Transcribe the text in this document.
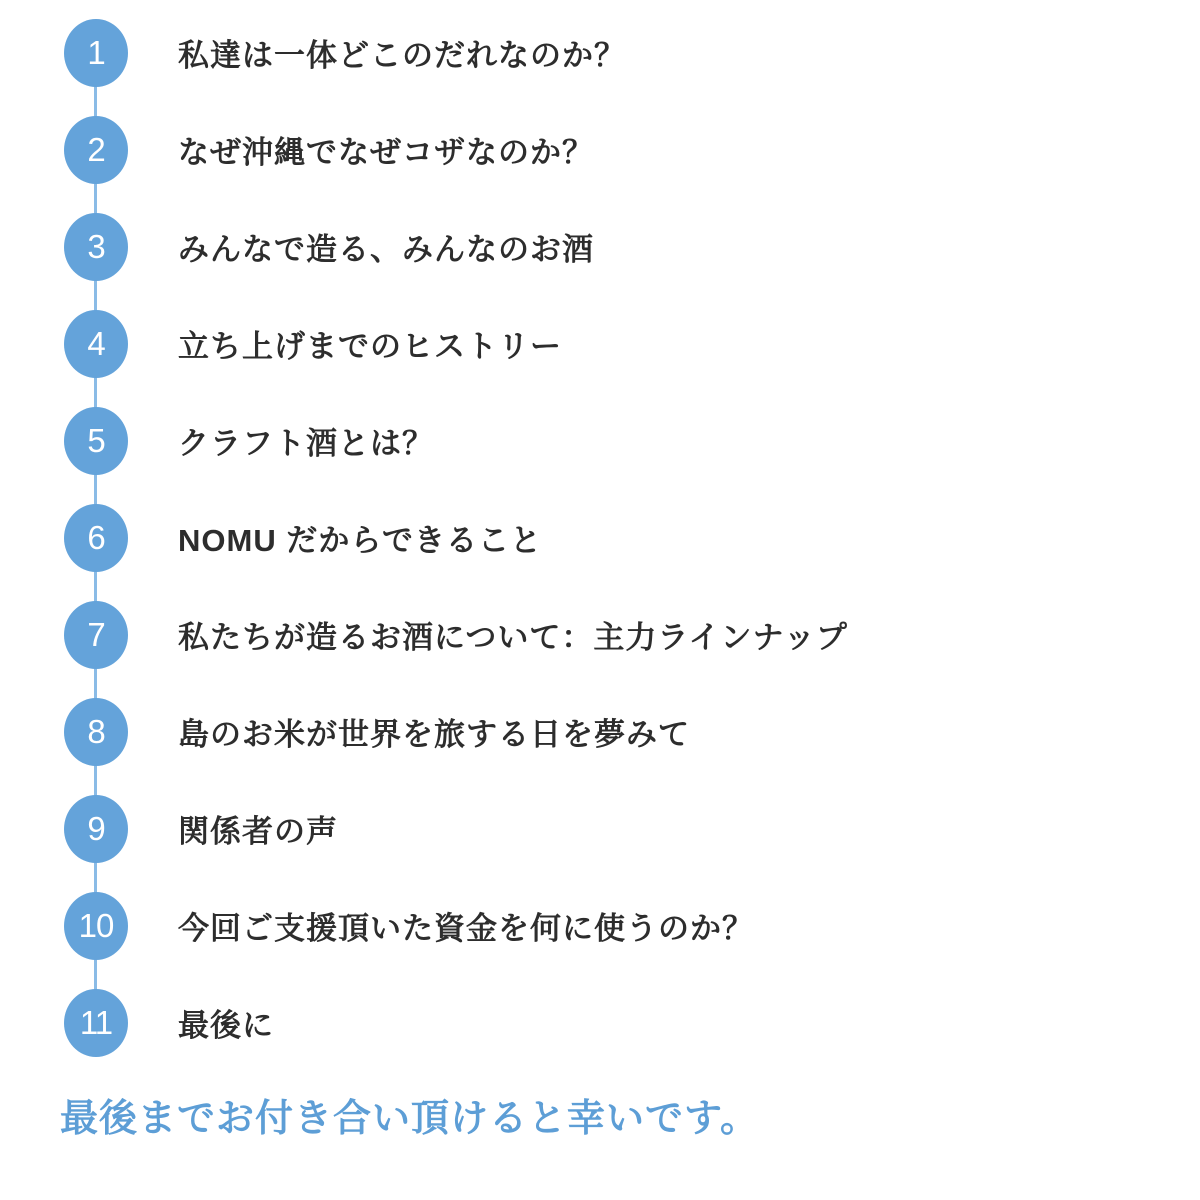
1	私達は一体どこのだれなのか？
2	なぜ沖縄でなぜコザなのか？
3	みんなで造る、みんなのお酒
4	立ち上げまでのヒストリー
5	クラフト酒とは？
6	NOMU だからできること
7	私たちが造るお酒について：主力ラインナップ
8	島のお米が世界を旅する日を夢みて
9	関係者の声
10	今回ご支援頂いた資金を何に使うのか？
11	最後に
最後までお付き合い頂けると幸いです。
